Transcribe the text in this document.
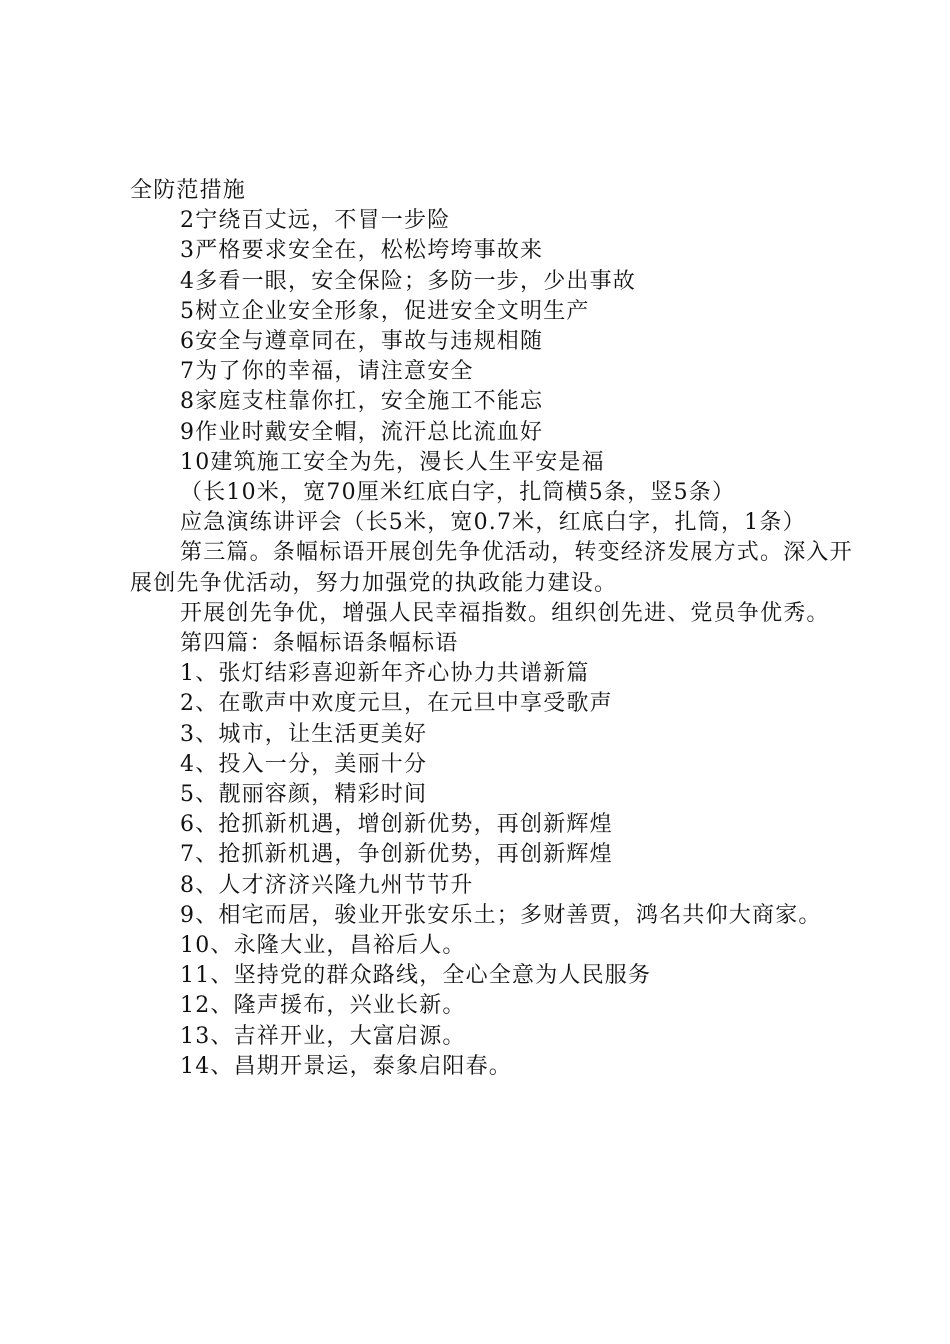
全防范措施
2宁绕百丈远，不冒一步险
3严格要求安全在，松松垮垮事故来
4多看一眼，安全保险；多防一步，少出事故
5树立企业安全形象，促进安全文明生产
6安全与遵章同在，事故与违规相随
7为了你的幸福，请注意安全
8家庭支柱靠你扛，安全施工不能忘
9作业时戴安全帽，流汗总比流血好
10建筑施工安全为先，漫长人生平安是福
（长10米，宽70厘米红底白字，扎筒横5条，竖5条）
应急演练讲评会（长5米，宽0.7米，红底白字，扎筒，1条）
第三篇。条幅标语开展创先争优活动，转变经济发展方式。深入开展创先争优活动，努力加强党的执政能力建设。
开展创先争优，增强人民幸福指数。组织创先进、党员争优秀。
第四篇：条幅标语条幅标语
1、张灯结彩喜迎新年齐心协力共谱新篇
2、在歌声中欢度元旦，在元旦中享受歌声
3、城市，让生活更美好
4、投入一分，美丽十分
5、靓丽容颜，精彩时间
6、抢抓新机遇，增创新优势，再创新辉煌
7、抢抓新机遇，争创新优势，再创新辉煌
8、人才济济兴隆九州节节升
9、相宅而居，骏业开张安乐土；多财善贾，鸿名共仰大商家。
10、永隆大业，昌裕后人。
11、坚持党的群众路线，全心全意为人民服务
12、隆声援布，兴业长新。
13、吉祥开业，大富启源。
14、昌期开景运，泰象启阳春。
